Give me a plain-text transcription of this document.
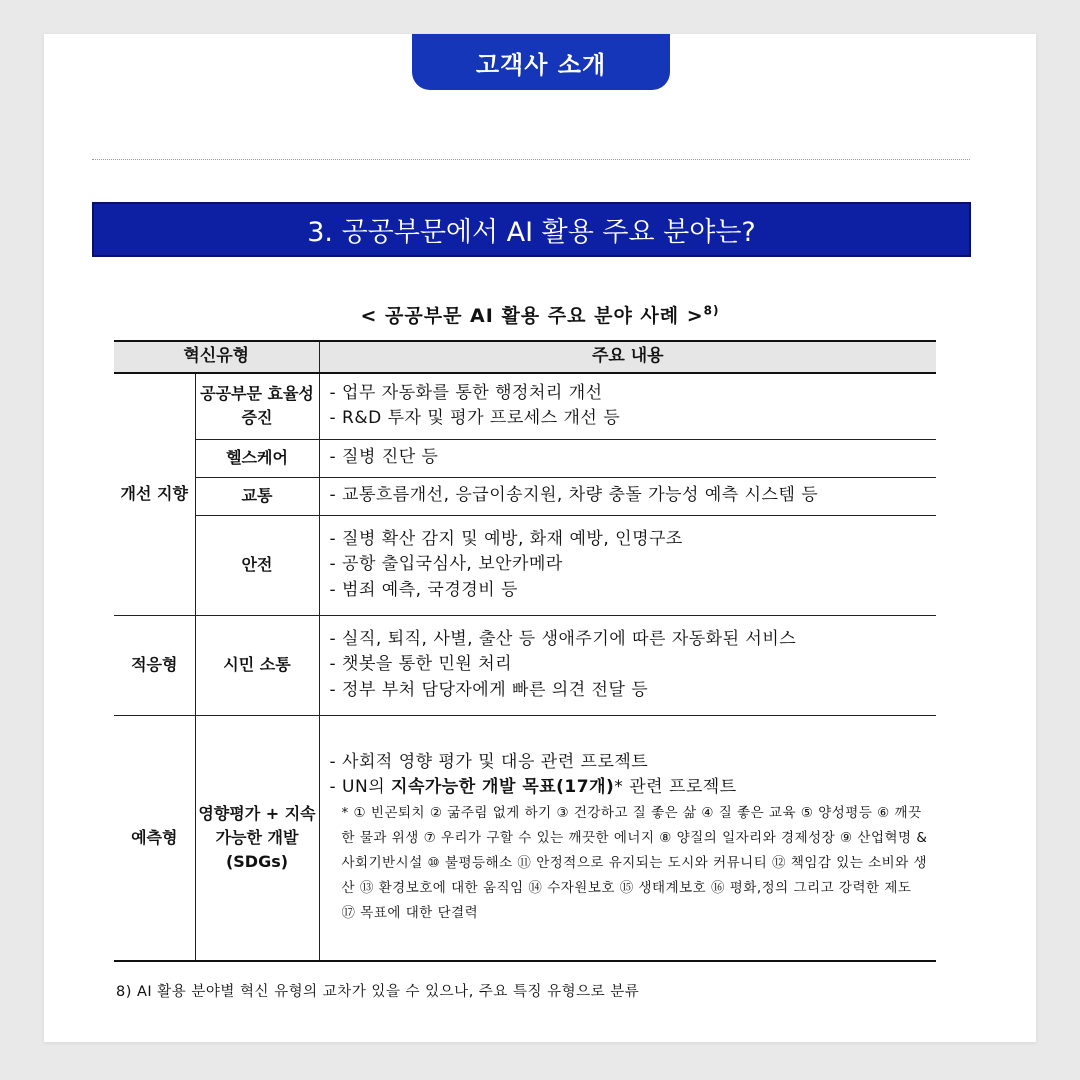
고객사 소개
3. 공공부문에서 AI 활용 주요 분야는?
< 공공부문 AI 활용 주요 분야 사례 >$^{8)}$
혁신유형		주요 내용
개선 지향	공공부문 효율성 증진	- 업무 자동화를 통한 행정처리 개선
- R&D 투자 및 평가 프로세스 개선 등

	헬스케어	- 질병 진단 등

	교통	- 교통흐름개선, 응급이송지원, 차량 충돌 가능성 예측 시스템 등

	안전	- 질병 확산 감지 및 예방, 화재 예방, 인명구조
- 공항 출입국심사, 보안카메라
- 범죄 예측, 국경경비 등

적응형	시민 소통	- 실직, 퇴직, 사별, 출산 등 생애주기에 따른 자동화된 서비스
- 챗봇을 통한 민원 처리
- 정부 부처 담당자에게 빠른 의견 전달 등

예측형	영향평가 + 지속가능한 개발 (SDGs)	- 사회적 영향 평가 및 대응 관련 프로젝트
- UN의 지속가능한 개발 목표(17개)* 관련 프로젝트
* ① 빈곤퇴치 ② 굶주림 없게 하기 ③ 건강하고 질 좋은 삶 ④ 질 좋은 교육 ⑤ 양성평등 ⑥ 깨끗한 물과 위생 ⑦ 우리가 구할 수 있는 깨끗한 에너지 ⑧ 양질의 일자리와 경제성장 ⑨ 산업혁명 & 사회기반시설 ⑩ 불평등해소 ⑪ 안정적으로 유지되는 도시와 커뮤니티 ⑫ 책임감 있는 소비와 생산 ⑬ 환경보호에 대한 움직임 ⑭ 수자원보호 ⑮ 생태계보호 ⑯ 평화,정의 그리고 강력한 제도 ⑰ 목표에 대한 단결력
8) AI 활용 분야별 혁신 유형의 교차가 있을 수 있으나, 주요 특징 유형으로 분류
